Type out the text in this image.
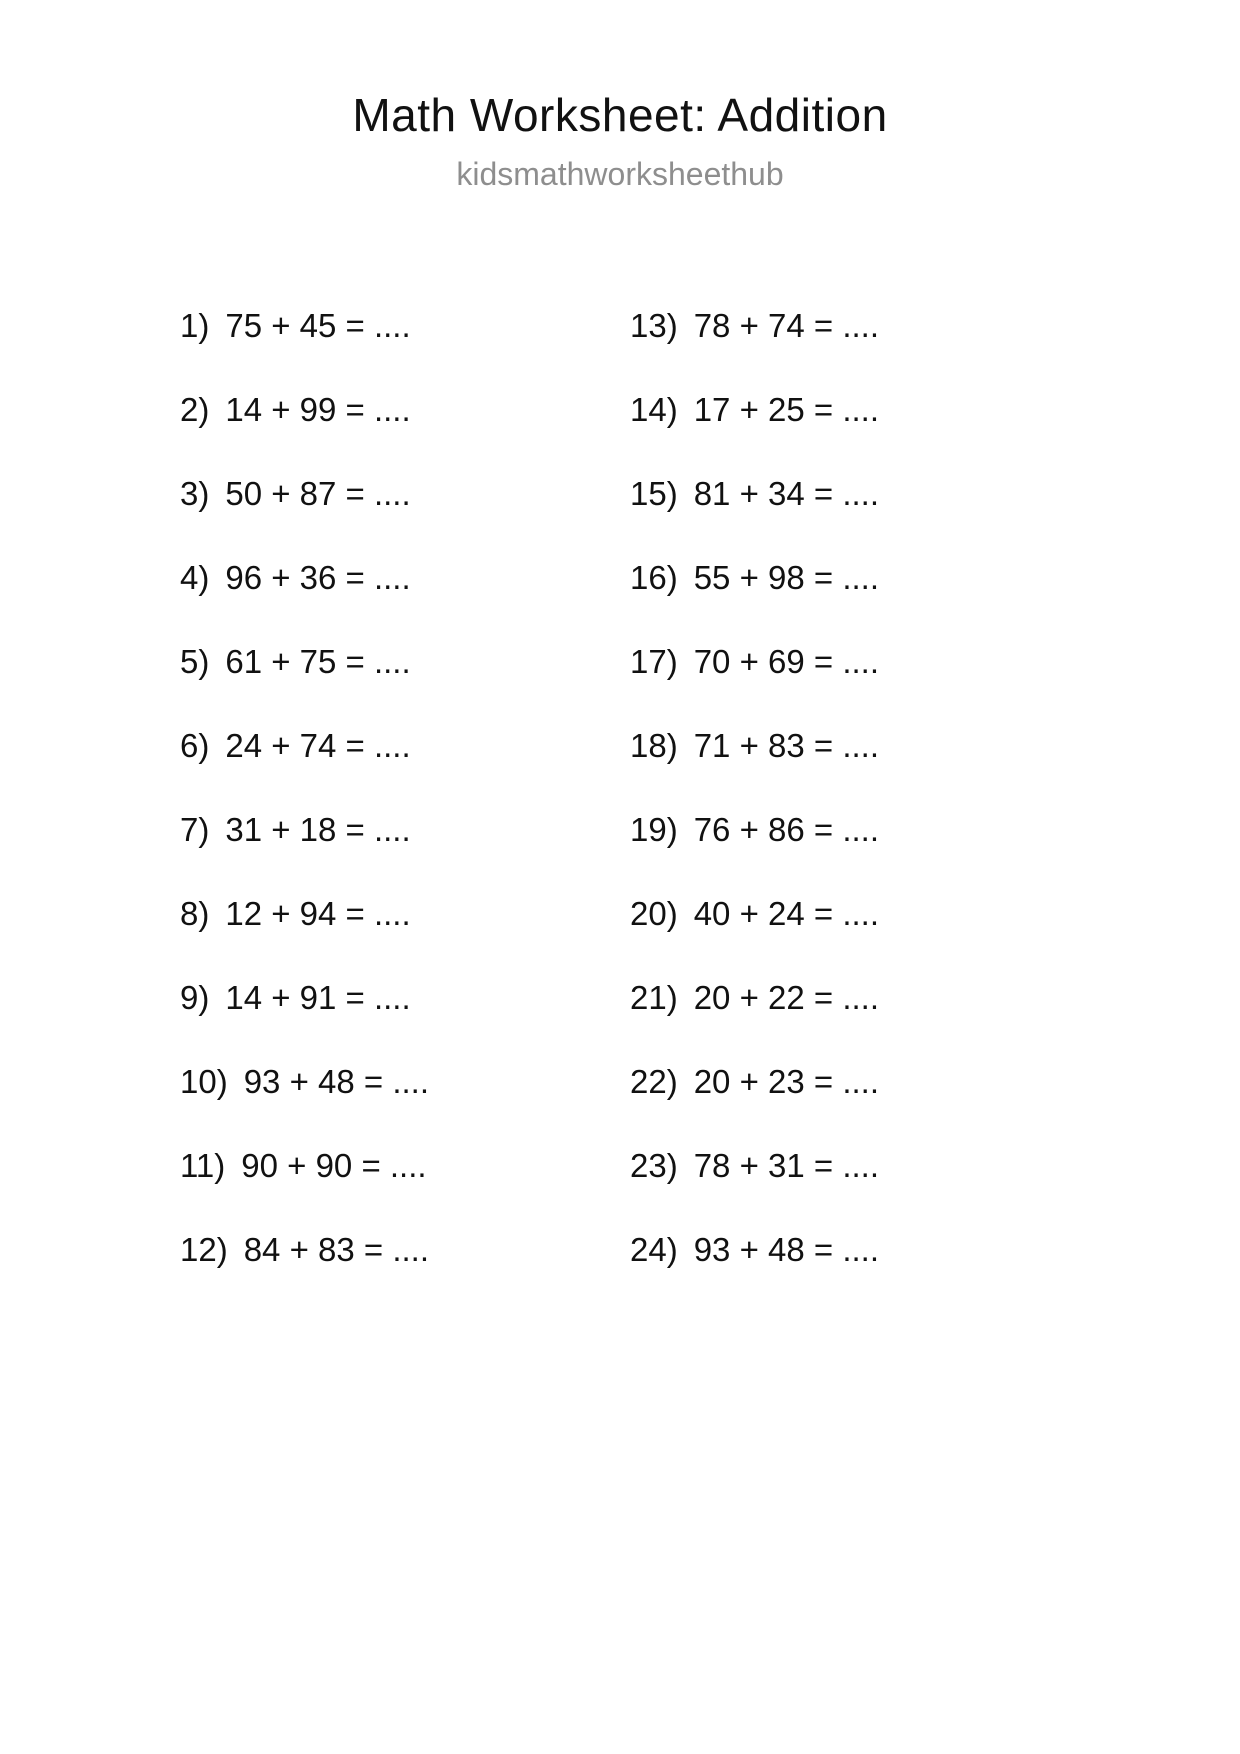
Math Worksheet: Addition
kidsmathworksheethub
1) 75 + 45 = ....
2) 14 + 99 = ....
3) 50 + 87 = ....
4) 96 + 36 = ....
5) 61 + 75 = ....
6) 24 + 74 = ....
7) 31 + 18 = ....
8) 12 + 94 = ....
9) 14 + 91 = ....
10) 93 + 48 = ....
11) 90 + 90 = ....
12) 84 + 83 = ....
13) 78 + 74 = ....
14) 17 + 25 = ....
15) 81 + 34 = ....
16) 55 + 98 = ....
17) 70 + 69 = ....
18) 71 + 83 = ....
19) 76 + 86 = ....
20) 40 + 24 = ....
21) 20 + 22 = ....
22) 20 + 23 = ....
23) 78 + 31 = ....
24) 93 + 48 = ....
